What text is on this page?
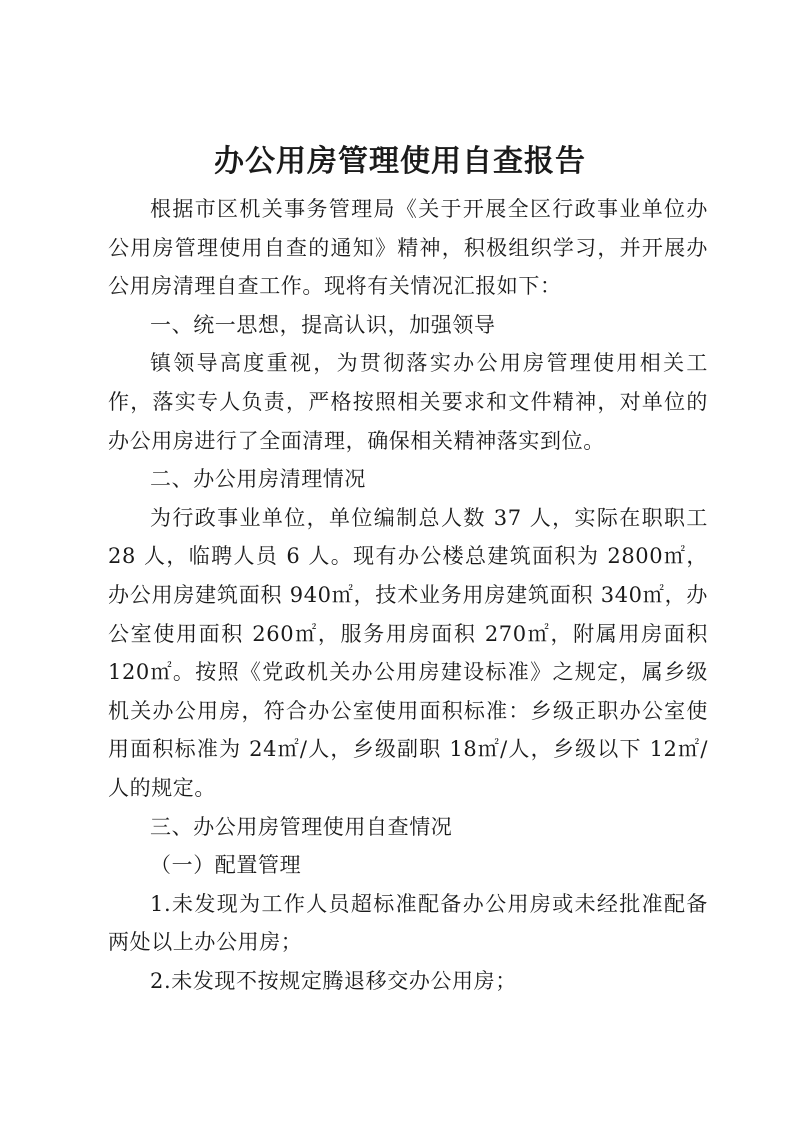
办公用房管理使用自查报告

根据市区机关事务管理局《关于开展全区行政事业单位办公用房管理使用自查的通知》精神，积极组织学习，并开展办公用房清理自查工作。现将有关情况汇报如下：

一、统一思想，提高认识，加强领导

镇领导高度重视，为贯彻落实办公用房管理使用相关工作，落实专人负责，严格按照相关要求和文件精神，对单位的办公用房进行了全面清理，确保相关精神落实到位。

二、办公用房清理情况

为行政事业单位，单位编制总人数 37 人，实际在职职工 28 人，临聘人员 6 人。现有办公楼总建筑面积为 2800㎡，办公用房建筑面积 940㎡，技术业务用房建筑面积 340㎡，办公室使用面积 260㎡，服务用房面积 270㎡，附属用房面积 120㎡。按照《党政机关办公用房建设标准》之规定，属乡级机关办公用房，符合办公室使用面积标准：乡级正职办公室使用面积标准为 24㎡/人，乡级副职 18㎡/人，乡级以下 12㎡/人的规定。

三、办公用房管理使用自查情况

（一）配置管理

1.未发现为工作人员超标准配备办公用房或未经批准配备两处以上办公用房；

2.未发现不按规定腾退移交办公用房；
